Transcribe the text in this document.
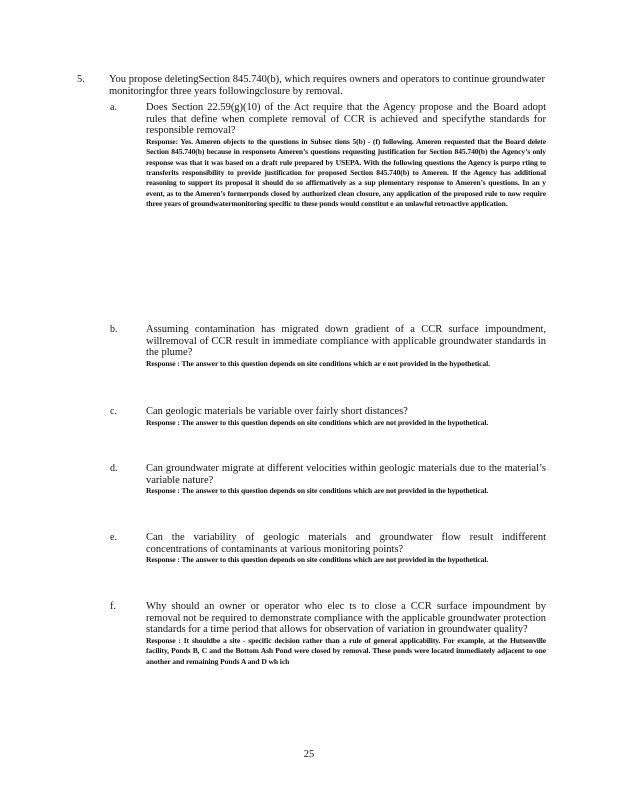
5. You propose deletingSection 845.740(b), which requires owners and operators to continue groundwater monitoringfor three years followingclosure by removal.
a.	Does Section 22.59(g)(10) of the Act require that the Agency propose and the Board adopt rules that define when complete removal of CCR is achieved and specifythe standards for responsible removal?
Response: Yes. Ameren objects to the questions in Subsec tions 5(b) - (f) following. Ameren requested that the Board delete Section 845.740(b) because in responseto Ameren’s questions requesting justification for Section 845.740(b) the Agency’s only response was that it was based on a draft rule prepared by USEPA. With the following questions the Agency is purpo rting to transferits responsibility to provide justification for proposed Section 845.740(b) to Ameren. If the Agency has additional reasoning to support its proposal it should do so affirmatively as a sup plementary response to Ameren’s questions. In an y event, as to the Ameren’s formerponds closed by authorized clean closure, any application of the proposed rule to now require three years of groundwatermonitoring specific to these ponds would constitut e an unlawful retroactive application.
b.	Assuming contamination has migrated down gradient of a CCR surface impoundment, willremoval of CCR result in immediate compliance with applicable groundwater standards in the plume?
Response : The answer to this question depends on site conditions which ar e not provided in the hypothetical.
c.	Can geologic materials be variable over fairly short distances?
Response : The answer to this question depends on site conditions which are not provided in the hypothetical.
d.	Can groundwater migrate at different velocities within geologic materials due to the material’s variable nature?
Response : The answer to this question depends on site conditions which are not provided in the hypothetical.
e.	Can the variability of geologic materials and groundwater flow result indifferent concentrations of contaminants at various monitoring points?
Response : The answer to this question depends on site conditions which are not provided in the hypothetical.
f.	Why should an owner or operator who elec ts to close a CCR surface impoundment by removal not be required to demonstrate compliance with the applicable groundwater protection standards for a time period that allows for observation of variation in groundwater quality?
Response : It shouldbe a site - specific decision rather than a rule of general applicability. For example, at the Hutsonville facility, Ponds B, C and the Bottom Ash Pond were closed by removal. These ponds were located immediately adjacent to one another and remaining Ponds A and D wh ich
25
